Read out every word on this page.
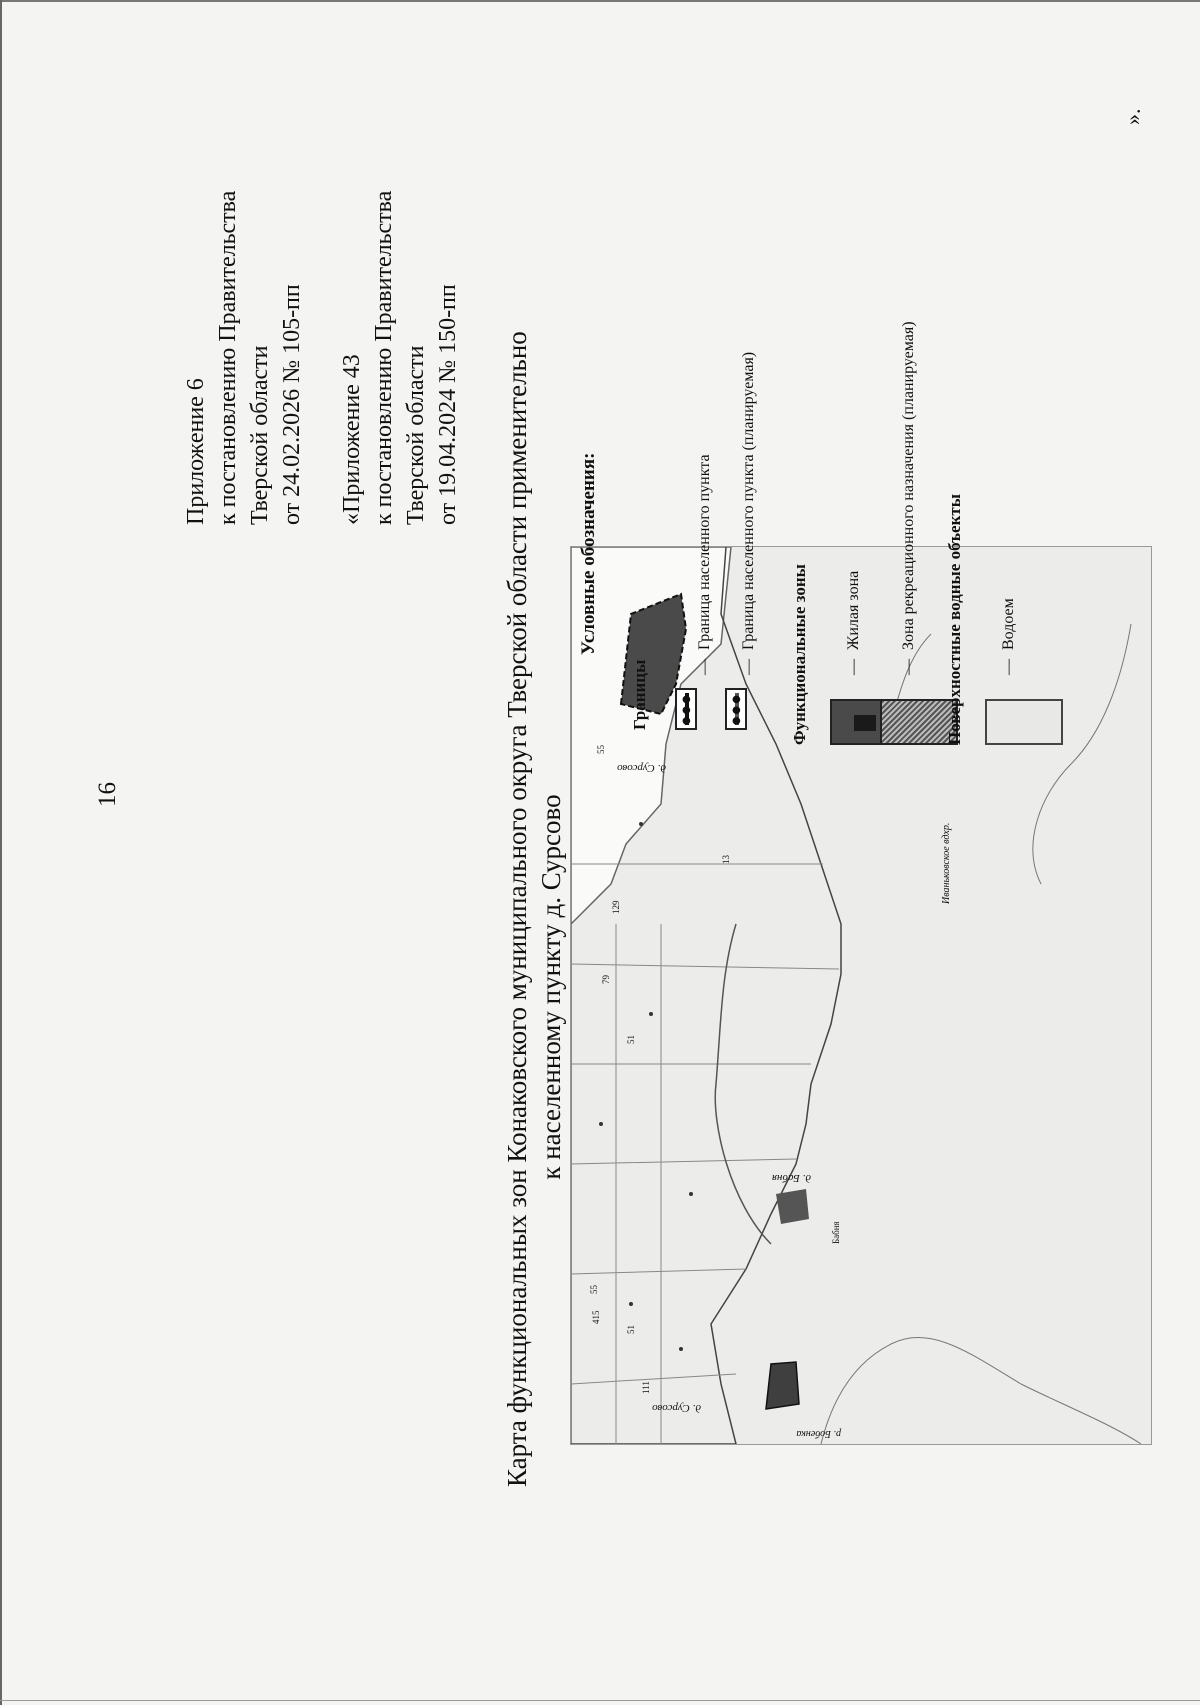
16
Приложение 6 к постановлению Правительства Тверской области от 24.02.2026 № 105-пп «Приложение 43 к постановлению Правительства Тверской области от 19.04.2024 № 150-пп Карта функциональных зон Конаковского муниципального округа Тверской области применительно к населенному пункту д. Сурсово
д. Сурсово
д. Сурсово
д. Бабня
Иваньковское вдхр.
р. Бобенка
Бабня
55
51
415
111
51
55
79
13
129
Условные обозначения:
Границы	●●●
—
Граница населенного пункта
●●●
—
Граница населенного пункта (планируемая)
Функциональные зоны —
Жилая зона
—
Зона рекреационного назначения (планируемая) Поверхностные водные объекты —
Водоем
».
